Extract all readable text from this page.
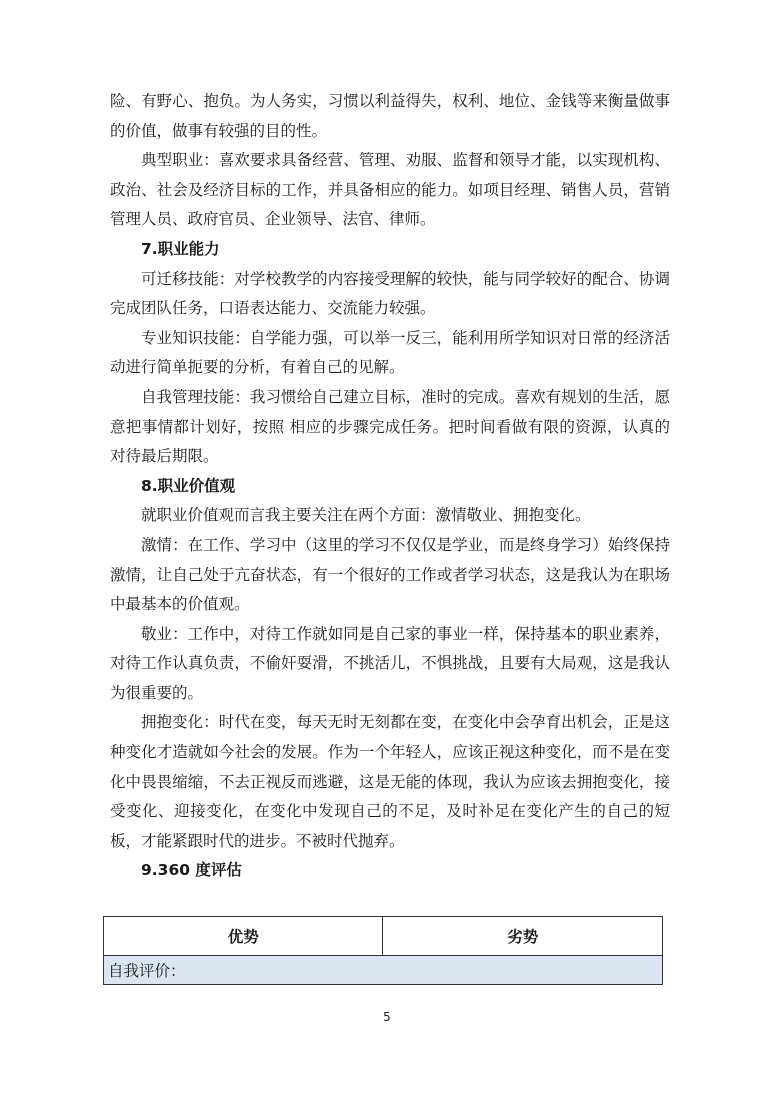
险、有野心、抱负。为人务实，习惯以利益得失，权利、地位、金钱等来衡量做事的价值，做事有较强的目的性。

典型职业：喜欢要求具备经营、管理、劝服、监督和领导才能，以实现机构、政治、社会及经济目标的工作，并具备相应的能力。如项目经理、销售人员，营销管理人员、政府官员、企业领导、法官、律师。

7.职业能力

可迁移技能：对学校教学的内容接受理解的较快，能与同学较好的配合、协调完成团队任务，口语表达能力、交流能力较强。

专业知识技能：自学能力强，可以举一反三，能利用所学知识对日常的经济活动进行简单扼要的分析，有着自己的见解。

自我管理技能：我习惯给自己建立目标，准时的完成。喜欢有规划的生活，愿意把事情都计划好，按照 相应的步骤完成任务。把时间看做有限的资源，认真的对待最后期限。

8.职业价值观

就职业价值观而言我主要关注在两个方面：激情敬业、拥抱变化。

激情：在工作、学习中（这里的学习不仅仅是学业，而是终身学习）始终保持激情，让自己处于亢奋状态，有一个很好的工作或者学习状态，这是我认为在职场中最基本的价值观。

敬业：工作中，对待工作就如同是自己家的事业一样，保持基本的职业素养，对待工作认真负责，不偷奸耍滑，不挑活儿，不惧挑战，且要有大局观，这是我认为很重要的。

拥抱变化：时代在变，每天无时无刻都在变，在变化中会孕育出机会，正是这种变化才造就如今社会的发展。作为一个年轻人，应该正视这种变化，而不是在变化中畏畏缩缩，不去正视反而逃避，这是无能的体现，我认为应该去拥抱变化，接受变化、迎接变化，在变化中发现自己的不足，及时补足在变化产生的自己的短板，才能紧跟时代的进步。不被时代抛弃。

9.360 度评估
优势	劣势
自我评价：
5
